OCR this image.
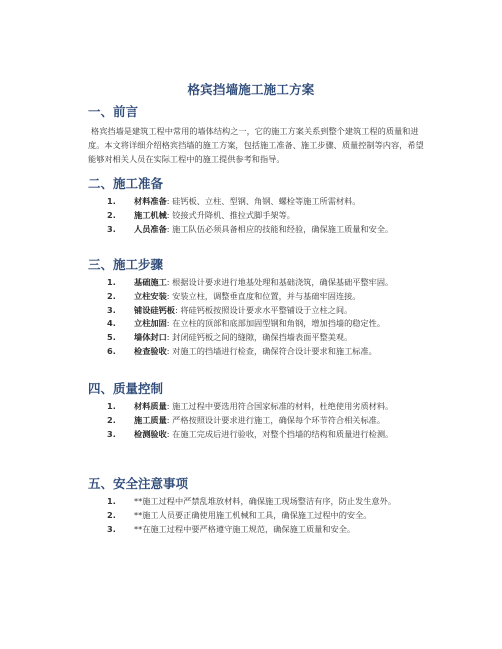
格宾挡墙施工施工方案
一、前言

格宾挡墙是建筑工程中常用的墙体结构之一，它的施工方案关系到整个建筑工程的质量和进度。本文将详细介绍格宾挡墙的施工方案，包括施工准备、施工步骤、质量控制等内容，希望能够对相关人员在实际工程中的施工提供参考和指导。

二、施工准备
1. 材料准备: 硅钙板、立柱、型钢、角钢、螺栓等施工所需材料。
2. 施工机械: 铰接式升降机、推拉式脚手架等。
3. 人员准备: 施工队伍必须具备相应的技能和经验，确保施工质量和安全。
三、施工步骤
1. 基础施工: 根据设计要求进行地基处理和基础浇筑，确保基础平整牢固。
2. 立柱安装: 安装立柱，调整垂直度和位置，并与基础牢固连接。
3. 铺设硅钙板: 将硅钙板按照设计要求水平整铺设于立柱之间。
4. 立柱加固: 在立柱的顶部和底部加固型钢和角钢，增加挡墙的稳定性。
5. 墙体封口: 封闭硅钙板之间的缝隙，确保挡墙表面平整美观。
6. 检查验收: 对施工的挡墙进行检查，确保符合设计要求和施工标准。
四、质量控制
1. 材料质量: 施工过程中要选用符合国家标准的材料，杜绝使用劣质材料。
2. 施工质量: 严格按照设计要求进行施工，确保每个环节符合相关标准。
3. 检测验收: 在施工完成后进行验收，对整个挡墙的结构和质量进行检测。
五、安全注意事项
1. **施工过程中严禁乱堆放材料，确保施工现场整洁有序，防止发生意外。
2. **施工人员要正确使用施工机械和工具，确保施工过程中的安全。
3. **在施工过程中要严格遵守施工规范，确保施工质量和安全。
